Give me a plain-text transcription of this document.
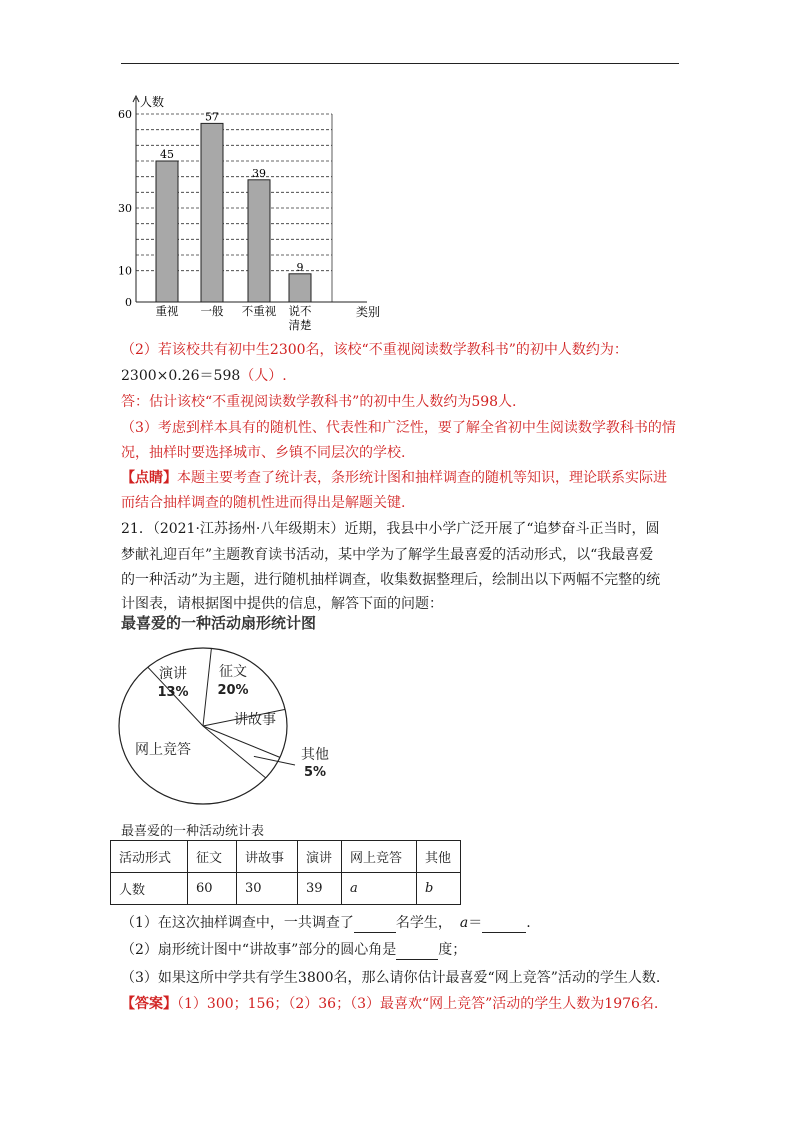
人数
类别
0
10
30
60
45
重视
57
一般
39
不重视
9
说不
清楚
（2）若该校共有初中生2300名，该校“不重视阅读数学教科书”的初中人数约为：
2300×0.26＝598（人）.
答：估计该校“不重视阅读数学教科书”的初中生人数约为598人.
（3）考虑到样本具有的随机性、代表性和广泛性，要了解全省初中生阅读数学教科书的情
况，抽样时要选择城市、乡镇不同层次的学校.
【点睛】本题主要考查了统计表，条形统计图和抽样调查的随机等知识，理论联系实际进
而结合抽样调查的随机性进而得出是解题关键.
21．（2021·江苏扬州·八年级期末）近期，我县中小学广泛开展了“追梦奋斗正当时，圆
梦献礼迎百年”主题教育读书活动，某中学为了解学生最喜爱的活动形式，以“我最喜爱
的一种活动”为主题，进行随机抽样调查，收集数据整理后，绘制出以下两幅不完整的统
计图表，请根据图中提供的信息，解答下面的问题：
最喜爱的一种活动扇形统计图
征文
20%
讲故事
其他
5%
网上竞答
演讲
13%
最喜爱的一种活动统计表
活动形式	征文	讲故事	演讲	网上竞答	其他
人数	60	30	39	a	b
（1）在这次抽样调查中，一共调查了	名学生， a＝	.
（2）扇形统计图中“讲故事”部分的圆心角是	度；
（3）如果这所中学共有学生3800名，那么请你估计最喜爱“网上竞答”活动的学生人数.
【答案】（1）300；156；（2）36；（3）最喜欢“网上竞答”活动的学生人数为1976名.
